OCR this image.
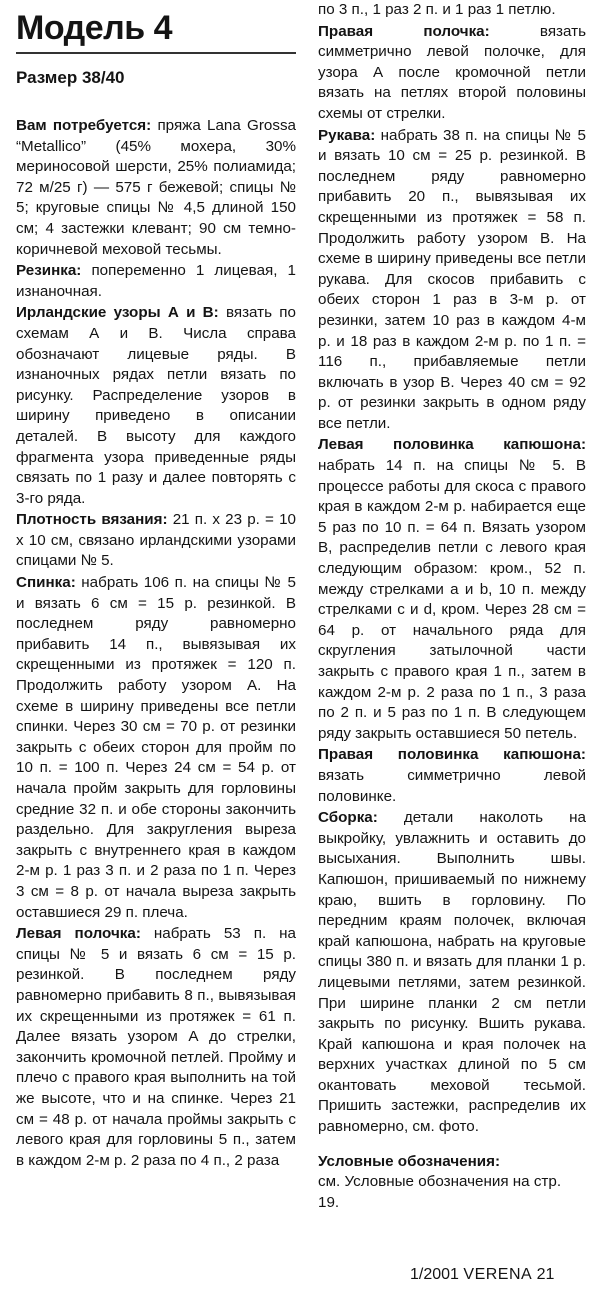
Модель 4
Размер 38/40

Вам потребуется: пряжа Lana Grossa “Metallico” (45% мохера, 30% мериносовой шерсти, 25% полиамида; 72 м/25 г) — 575 г бежевой; спицы № 5; круговые спицы № 4,5 длиной 150 см; 4 застежки клевант; 90 см темно-коричневой меховой тесьмы.

Резинка: попеременно 1 лицевая, 1 изнаночная.

Ирландские узоры А и В: вязать по схемам А и В. Числа справа обозначают лицевые ряды. В изнаночных рядах петли вязать по рисунку. Распределение узоров в ширину приведено в описании деталей. В высоту для каждого фрагмента узора приведенные ряды связать по 1 разу и далее повторять с 3-го ряда.

Плотность вязания: 21 п. х 23 р. = 10 х 10 см, связано ирландскими узорами спицами № 5.

Спинка: набрать 106 п. на спицы № 5 и вязать 6 см = 15 р. резинкой. В последнем ряду равномерно прибавить 14 п., вывязывая их скрещенными из протяжек = 120 п. Продолжить работу узором А. На схеме в ширину приведены все петли спинки. Через 30 см = 70 р. от резинки закрыть с обеих сторон для пройм по 10 п. = 100 п. Через 24 см = 54 р. от начала пройм закрыть для горловины средние 32 п. и обе стороны закончить раздельно. Для закругления выреза закрыть с внутреннего края в каждом 2-м р. 1 раз 3 п. и 2 раза по 1 п. Через 3 см = 8 р. от начала выреза закрыть оставшиеся 29 п. плеча.

Левая полочка: набрать 53 п. на спицы № 5 и вязать 6 см = 15 р. резинкой. В последнем ряду равномерно прибавить 8 п., вывязывая их скрещенными из протяжек = 61 п. Далее вязать узором А до стрелки, закончить кромочной петлей. Пройму и плечо с правого края выполнить на той же высоте, что и на спинке. Через 21 см = 48 р. от начала проймы закрыть с левого края для горловины 5 п., затем в каждом 2-м р. 2 раза по 4 п., 2 раза

по 3 п., 1 раз 2 п. и 1 раз 1 петлю.

Правая полочка: вязать симметрично левой полочке, для узора А после кромочной петли вязать на петлях второй половины схемы от стрелки.

Рукава: набрать 38 п. на спицы № 5 и вязать 10 см = 25 р. резинкой. В последнем ряду равномерно прибавить 20 п., вывязывая их скрещенными из протяжек = 58 п. Продолжить работу узором В. На схеме в ширину приведены все петли рукава. Для скосов прибавить с обеих сторон 1 раз в 3-м р. от резинки, затем 10 раз в каждом 4-м р. и 18 раз в каждом 2-м р. по 1 п. = 116 п., прибавляемые петли включать в узор В. Через 40 см = 92 р. от резинки закрыть в одном ряду все петли.

Левая половинка капюшона: набрать 14 п. на спицы № 5. В процессе работы для скоса с правого края в каждом 2-м р. набирается еще 5 раз по 10 п. = 64 п. Вязать узором В, распределив петли с левого края следующим образом: кром., 52 п. между стрелками а и b, 10 п. между стрелками с и d, кром. Через 28 см = 64 р. от начального ряда для скругления затылочной части закрыть с правого края 1 п., затем в каждом 2-м р. 2 раза по 1 п., 3 раза по 2 п. и 5 раз по 1 п. В следующем ряду закрыть оставшиеся 50 петель.

Правая половинка капюшона: вязать симметрично левой половинке.

Сборка: детали наколоть на выкройку, увлажнить и оставить до высыхания. Выполнить швы. Капюшон, пришиваемый по нижнему краю, вшить в горловину. По передним краям полочек, включая край капюшона, набрать на круговые спицы 380 п. и вязать для планки 1 р. лицевыми петлями, затем резинкой. При ширине планки 2 см петли закрыть по рисунку. Вшить рукава. Край капюшона и края полочек на верхних участках длиной по 5 см окантовать меховой тесьмой. Пришить застежки, распределив их равномерно, см. фото.

Условные обозначения:
см. Условные обозначения на стр. 19.

1/2001 VERENA 21
